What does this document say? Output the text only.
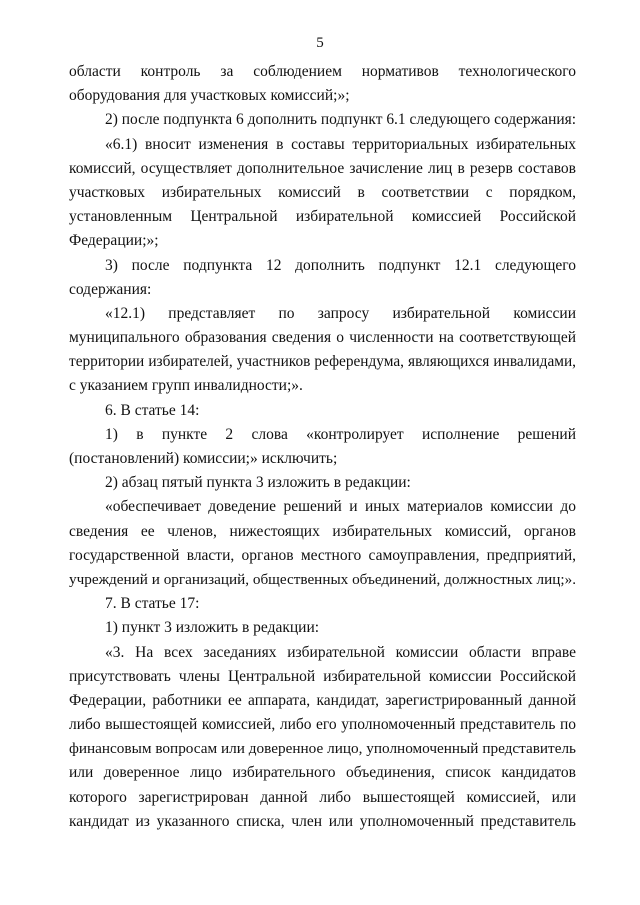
5
области контроль за соблюдением нормативов технологического
оборудования для участковых комиссий;»;
2) после подпункта 6 дополнить подпункт 6.1 следующего содержания:
«6.1) вносит изменения в составы территориальных избирательных
комиссий, осуществляет дополнительное зачисление лиц в резерв составов
участковых избирательных комиссий в соответствии с порядком,
установленным Центральной избирательной комиссией Российской
Федерации;»;
3) после подпункта 12 дополнить подпункт 12.1 следующего
содержания:
«12.1) представляет по запросу избирательной комиссии
муниципального образования сведения о численности на соответствующей
территории избирателей, участников референдума, являющихся инвалидами,
с указанием групп инвалидности;».
6. В статье 14:
1) в пункте 2 слова «контролирует исполнение решений
(постановлений) комиссии;» исключить;
2) абзац пятый пункта 3 изложить в редакции:
«обеспечивает доведение решений и иных материалов комиссии до
сведения ее членов, нижестоящих избирательных комиссий, органов
государственной власти, органов местного самоуправления, предприятий,
учреждений и организаций, общественных объединений, должностных лиц;».
7. В статье 17:
1) пункт 3 изложить в редакции:
«3. На всех заседаниях избирательной комиссии области вправе
присутствовать члены Центральной избирательной комиссии Российской
Федерации, работники ее аппарата, кандидат, зарегистрированный данной
либо вышестоящей комиссией, либо его уполномоченный представитель по
финансовым вопросам или доверенное лицо, уполномоченный представитель
или доверенное лицо избирательного объединения, список кандидатов
которого зарегистрирован данной либо вышестоящей комиссией, или
кандидат из указанного списка, член или уполномоченный представитель
